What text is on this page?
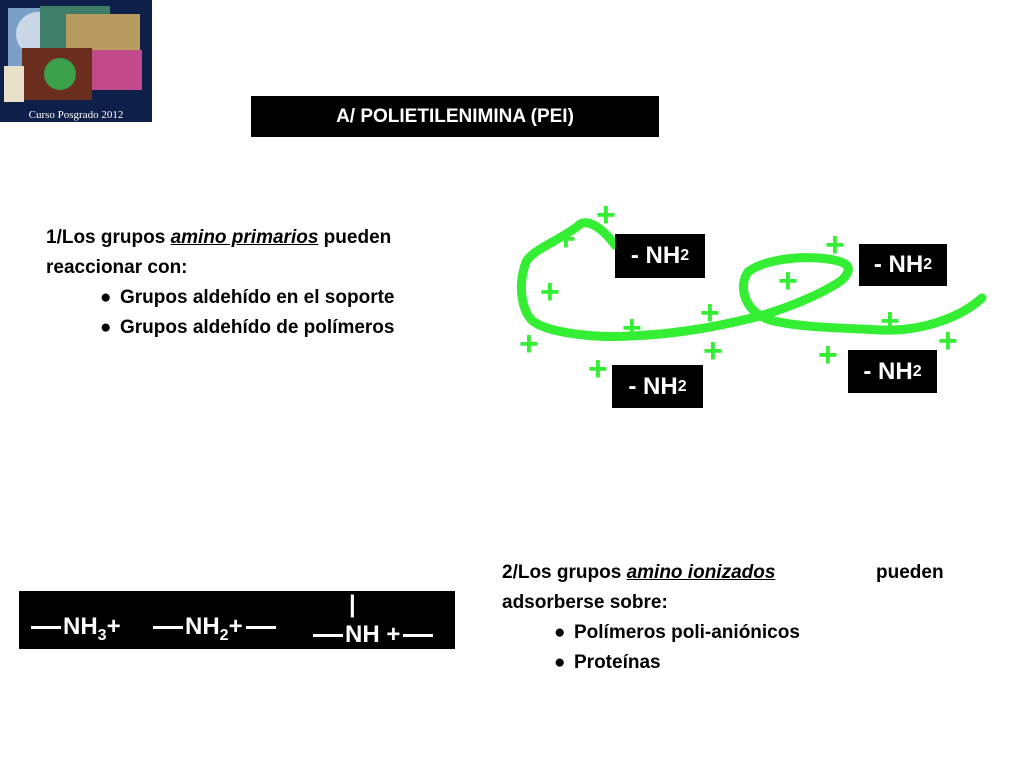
Curso Posgrado 2012	A/ POLIETILENIMINA (PEI)
1/Los grupos amino primarios pueden
reaccionar con:
● Grupos aldehído en el soporte
● Grupos aldehído de polímeros
2/Los grupos amino ionizados	pueden
adsorberse sobre:
● Polímeros poli-aniónicos
● Proteínas
+
+
+
+
+
+ +
+
+
+
+
+	+
- NH 2	- NH 2
- NH 2
- NH 2
$NH_3+$	$NH_2+$
|
NH +
